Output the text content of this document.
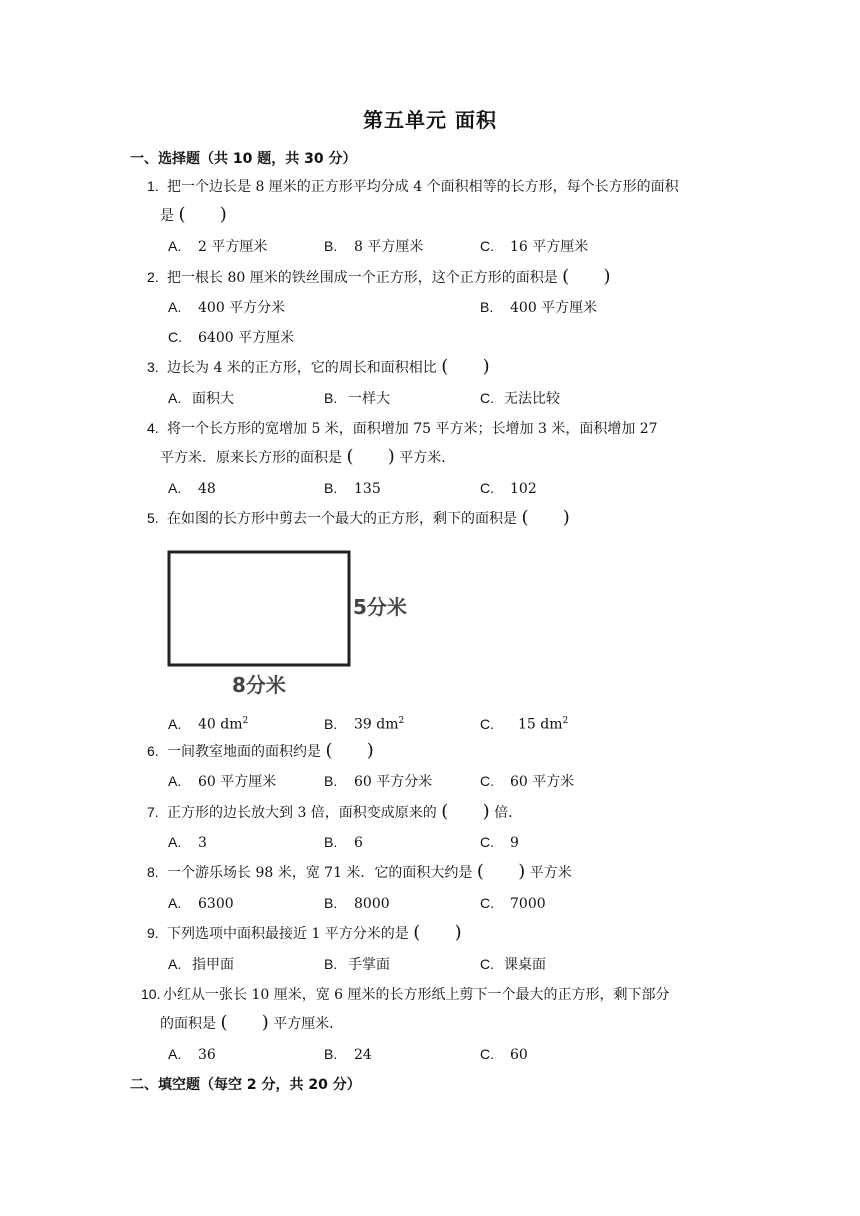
第五单元 面积
一、选择题（共 10 题，共 30 分）
1. 把一个边长是 8 厘米的正方形平均分成 4 个面积相等的长方形，每个长方形的面积
是 (      )
A. 2 平方厘米	B. 8 平方厘米	C. 16 平方厘米
2. 把一根长 80 厘米的铁丝围成一个正方形，这个正方形的面积是 (      )
A. 400 平方分米	B. 400 平方厘米
C. 6400 平方厘米
3. 边长为 4 米的正方形，它的周长和面积相比 (      )
A. 面积大	B. 一样大	C. 无法比较
4. 将一个长方形的宽增加 5 米，面积增加 75 平方米；长增加 3 米，面积增加 27
平方米．原来长方形的面积是 (      ) 平方米．
A. 48	B. 135	C. 102
5. 在如图的长方形中剪去一个最大的正方形，剩下的面积是 (      )
5分米
8分米
A. 40 $dm^2$	B. 39 $dm^2$	C. 15 $dm^2$
6. 一间教室地面的面积约是 (      )
A. 60 平方厘米	B. 60 平方分米	C. 60 平方米
7. 正方形的边长放大到 3 倍，面积变成原来的 (      ) 倍．
A. 3	B. 6	C. 9
8. 一个游乐场长 98 米，宽 71 米．它的面积大约是 (      ) 平方米
A. 6300	B. 8000	C. 7000
9. 下列选项中面积最接近 1 平方分米的是 (      )
A. 指甲面	B. 手掌面	C. 课桌面
10. 小红从一张长 10 厘米，宽 6 厘米的长方形纸上剪下一个最大的正方形，剩下部分
的面积是 (      ) 平方厘米．
A. 36	B. 24	C. 60
二、填空题（每空 2 分，共 20 分）
